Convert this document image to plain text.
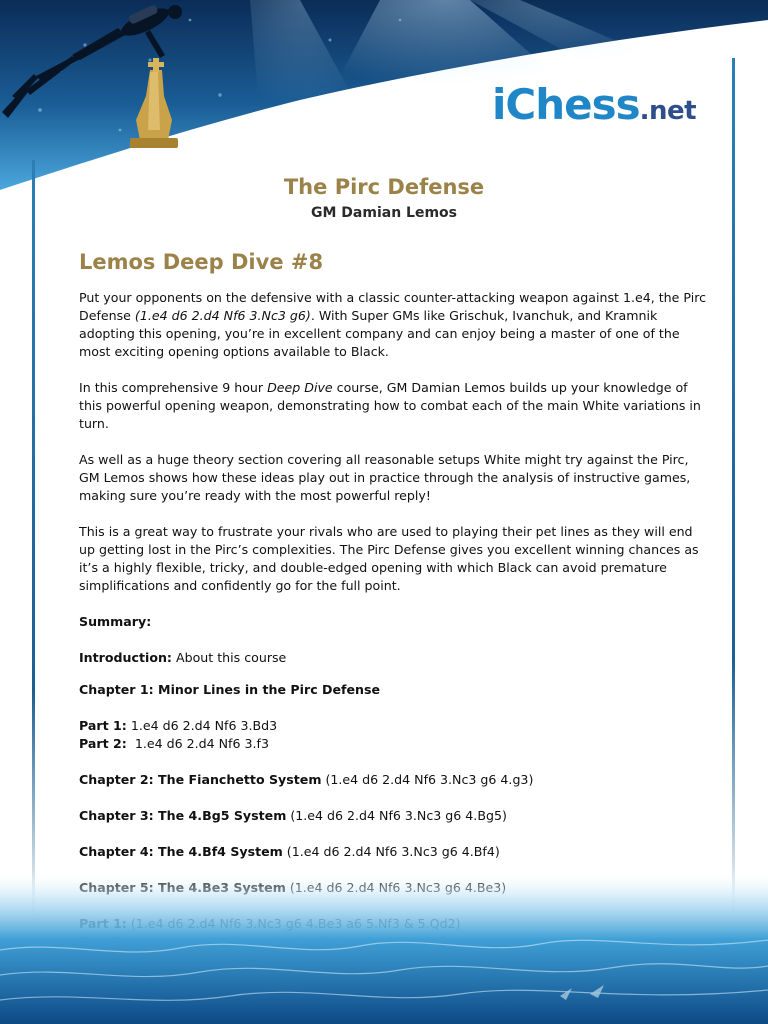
iChess.net
The Pirc Defense
GM Damian Lemos
Lemos Deep Dive #8

Put your opponents on the defensive with a classic counter-attacking weapon against 1.e4, the Pirc Defense (1.e4 d6 2.d4 Nf6 3.Nc3 g6). With Super GMs like Grischuk, Ivanchuk, and Kramnik adopting this opening, you’re in excellent company and can enjoy being a master of one of the most exciting opening options available to Black.

In this comprehensive 9 hour Deep Dive course, GM Damian Lemos builds up your knowledge of this powerful opening weapon, demonstrating how to combat each of the main White variations in turn.

As well as a huge theory section covering all reasonable setups White might try against the Pirc, GM Lemos shows how these ideas play out in practice through the analysis of instructive games, making sure you’re ready with the most powerful reply!

This is a great way to frustrate your rivals who are used to playing their pet lines as they will end up getting lost in the Pirc’s complexities. The Pirc Defense gives you excellent winning chances as it’s a highly flexible, tricky, and double-edged opening with which Black can avoid premature simplifications and confidently go for the full point.

Summary:

Introduction: About this course

Chapter 1: Minor Lines in the Pirc Defense

Part 1: 1.e4 d6 2.d4 Nf6 3.Bd3

Part 2:  1.e4 d6 2.d4 Nf6 3.f3

Chapter 2: The Fianchetto System (1.e4 d6 2.d4 Nf6 3.Nc3 g6 4.g3)

Chapter 3: The 4.Bg5 System (1.e4 d6 2.d4 Nf6 3.Nc3 g6 4.Bg5)

Chapter 4: The 4.Bf4 System (1.e4 d6 2.d4 Nf6 3.Nc3 g6 4.Bf4)
